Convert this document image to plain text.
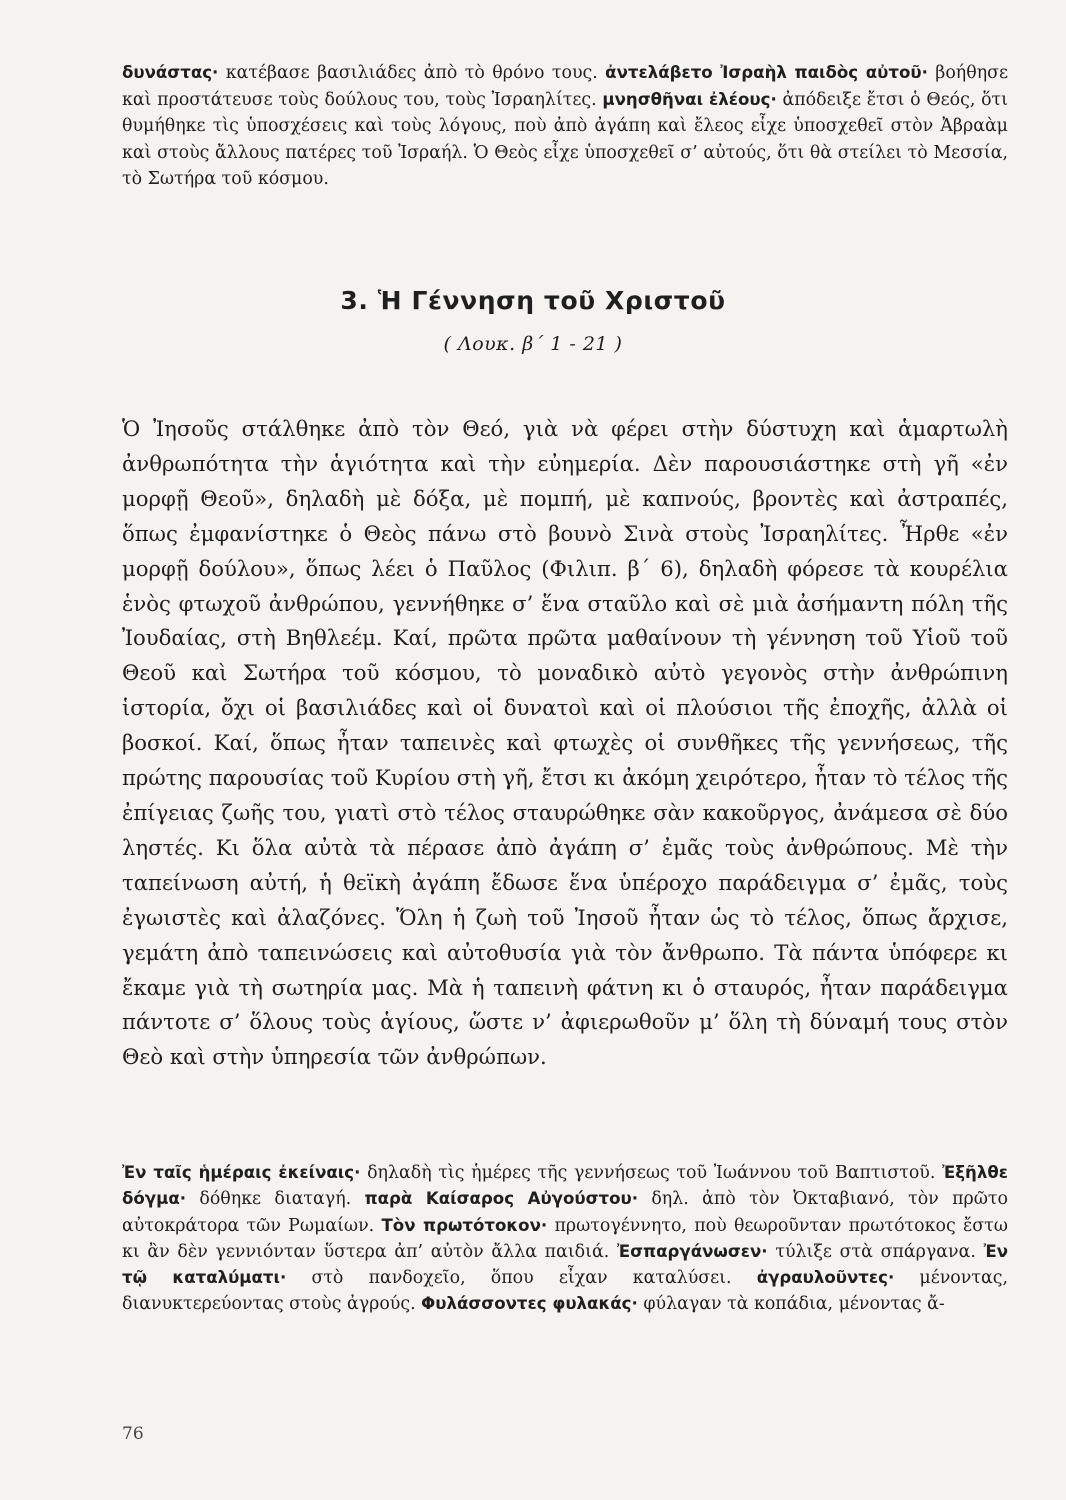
δυνάστας· κατέβασε βασιλιάδες ἀπὸ τὸ θρόνο τους. ἀντελάβετο Ἰσραὴλ παιδὸς αὐτοῦ· βοήθησε καὶ προστάτευσε τοὺς δούλους του, τοὺς Ἰσραηλίτες. μνησθῆναι ἐλέους· ἀπόδειξε ἔτσι ὁ Θεός, ὅτι θυμήθηκε τὶς ὑποσχέσεις καὶ τοὺς λόγους, ποὺ ἀπὸ ἀγάπη καὶ ἔλεος εἶχε ὑποσχεθεῖ στὸν Ἀβραὰμ καὶ στοὺς ἄλλους πατέρες τοῦ Ἰσραήλ. Ὁ Θεὸς εἶχε ὑποσχεθεῖ σ’ αὐτούς, ὅτι θὰ στείλει τὸ Μεσσία, τὸ Σωτήρα τοῦ κόσμου.

3. Ἡ Γέννηση τοῦ Χριστοῦ
( Λουκ. β΄ 1 - 21 )

Ὁ Ἰησοῦς στάλθηκε ἀπὸ τὸν Θεό, γιὰ νὰ φέρει στὴν δύστυχη καὶ ἁμαρτωλὴ ἀνθρωπότητα τὴν ἁγιότητα καὶ τὴν εὐημερία. Δὲν παρουσιάστηκε στὴ γῆ «ἐν μορφῇ Θεοῦ», δηλαδὴ μὲ δόξα, μὲ πομπή, μὲ καπνούς, βροντὲς καὶ ἀστραπές, ὅπως ἐμφανίστηκε ὁ Θεὸς πάνω στὸ βουνὸ Σινὰ στοὺς Ἰσραηλίτες. Ἦρθε «ἐν μορφῇ δούλου», ὅπως λέει ὁ Παῦλος (Φιλιπ. β΄ 6), δηλαδὴ φόρεσε τὰ κουρέλια ἑνὸς φτωχοῦ ἀνθρώπου, γεννήθηκε σ’ ἕνα σταῦλο καὶ σὲ μιὰ ἀσήμαντη πόλη τῆς Ἰουδαίας, στὴ Βηθλεέμ. Καί, πρῶτα πρῶτα μαθαίνουν τὴ γέννηση τοῦ Υἱοῦ τοῦ Θεοῦ καὶ Σωτήρα τοῦ κόσμου, τὸ μοναδικὸ αὐτὸ γεγονὸς στὴν ἀνθρώπινη ἱστορία, ὄχι οἱ βασιλιάδες καὶ οἱ δυνατοὶ καὶ οἱ πλούσιοι τῆς ἐποχῆς, ἀλλὰ οἱ βοσκοί. Καί, ὅπως ἦταν ταπεινὲς καὶ φτωχὲς οἱ συνθῆκες τῆς γεννήσεως, τῆς πρώτης παρουσίας τοῦ Κυρίου στὴ γῆ, ἔτσι κι ἀκόμη χειρότερο, ἦταν τὸ τέλος τῆς ἐπίγειας ζωῆς του, γιατὶ στὸ τέλος σταυρώθηκε σὰν κακοῦργος, ἀνάμεσα σὲ δύο ληστές. Κι ὅλα αὐτὰ τὰ πέρασε ἀπὸ ἀγάπη σ’ ἐμᾶς τοὺς ἀνθρώπους. Μὲ τὴν ταπείνωση αὐτή, ἡ θεϊκὴ ἀγάπη ἔδωσε ἕνα ὑπέροχο παράδειγμα σ’ ἐμᾶς, τοὺς ἐγωιστὲς καὶ ἀλαζόνες. Ὅλη ἡ ζωὴ τοῦ Ἰησοῦ ἦταν ὡς τὸ τέλος, ὅπως ἄρχισε, γεμάτη ἀπὸ ταπεινώσεις καὶ αὐτοθυσία γιὰ τὸν ἄνθρωπο. Τὰ πάντα ὑπόφερε κι ἔκαμε γιὰ τὴ σωτηρία μας. Μὰ ἡ ταπεινὴ φάτνη κι ὁ σταυρός, ἦταν παράδειγμα πάντοτε σ’ ὅλους τοὺς ἁγίους, ὥστε ν’ ἀφιερωθοῦν μ’ ὅλη τὴ δύναμή τους στὸν Θεὸ καὶ στὴν ὑπηρεσία τῶν ἀνθρώπων.

Ἐν ταῖς ἡμέραις ἐκείναις· δηλαδὴ τὶς ἡμέρες τῆς γεννήσεως τοῦ Ἰωάννου τοῦ Βαπτιστοῦ. Ἐξῆλθε δόγμα· δόθηκε διαταγή. παρὰ Καίσαρος Αὐγούστου· δηλ. ἀπὸ τὸν Ὀκταβιανό, τὸν πρῶτο αὐτοκράτορα τῶν Ρωμαίων. Τὸν πρωτότοκον· πρωτογέννητο, ποὺ θεωροῦνταν πρωτότοκος ἔστω κι ἂν δὲν γεννιόνταν ὕστερα ἀπ’ αὐτὸν ἄλλα παιδιά. Ἐσπαργάνωσεν· τύλιξε στὰ σπάργανα. Ἐν τῷ καταλύματι· στὸ πανδοχεῖο, ὅπου εἶχαν καταλύσει. ἀγραυλοῦντες· μένοντας, διανυκτερεύοντας στοὺς ἀγρούς. Φυλάσσοντες φυλακάς· φύλαγαν τὰ κοπάδια, μένοντας ἄ-

76
